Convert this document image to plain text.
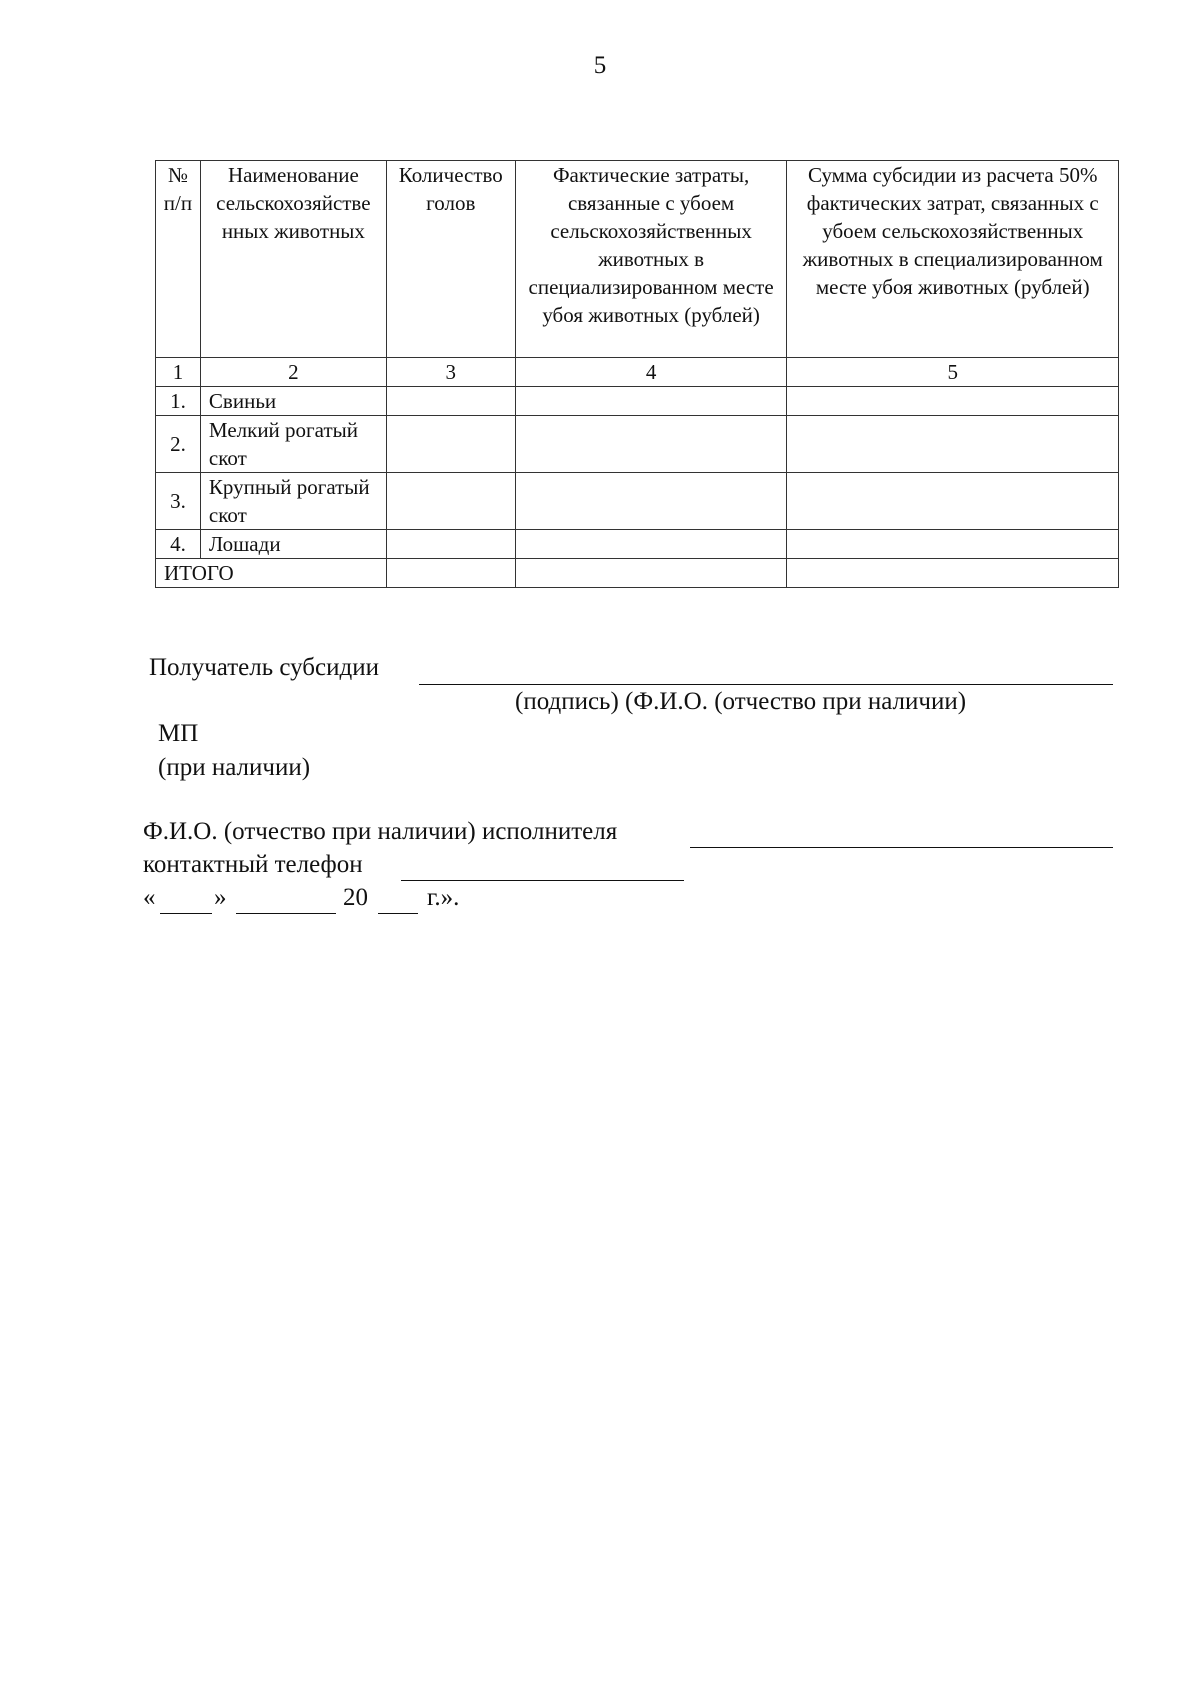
5
№ п/п	Наименование сельскохозяйстве нных животных	Количество голов	Фактические затраты, связанные с убоем сельскохозяйственных животных в специализированном месте убоя животных (рублей)	Сумма субсидии из расчета 50% фактических затрат, связанных с убоем сельскохозяйственных животных в специализированном месте убоя животных (рублей)
1	2	3	4	5
1.	Свиньи			
2.	Мелкий рогатый скот			
3.	Крупный рогатый скот			
4.	Лошади			
ИТОГО				
Получатель субсидии
(подпись) (Ф.И.О. (отчество при наличии)
МП
(при наличии)
Ф.И.О. (отчество при наличии) исполнителя
контактный телефон
« »	20 г.».
